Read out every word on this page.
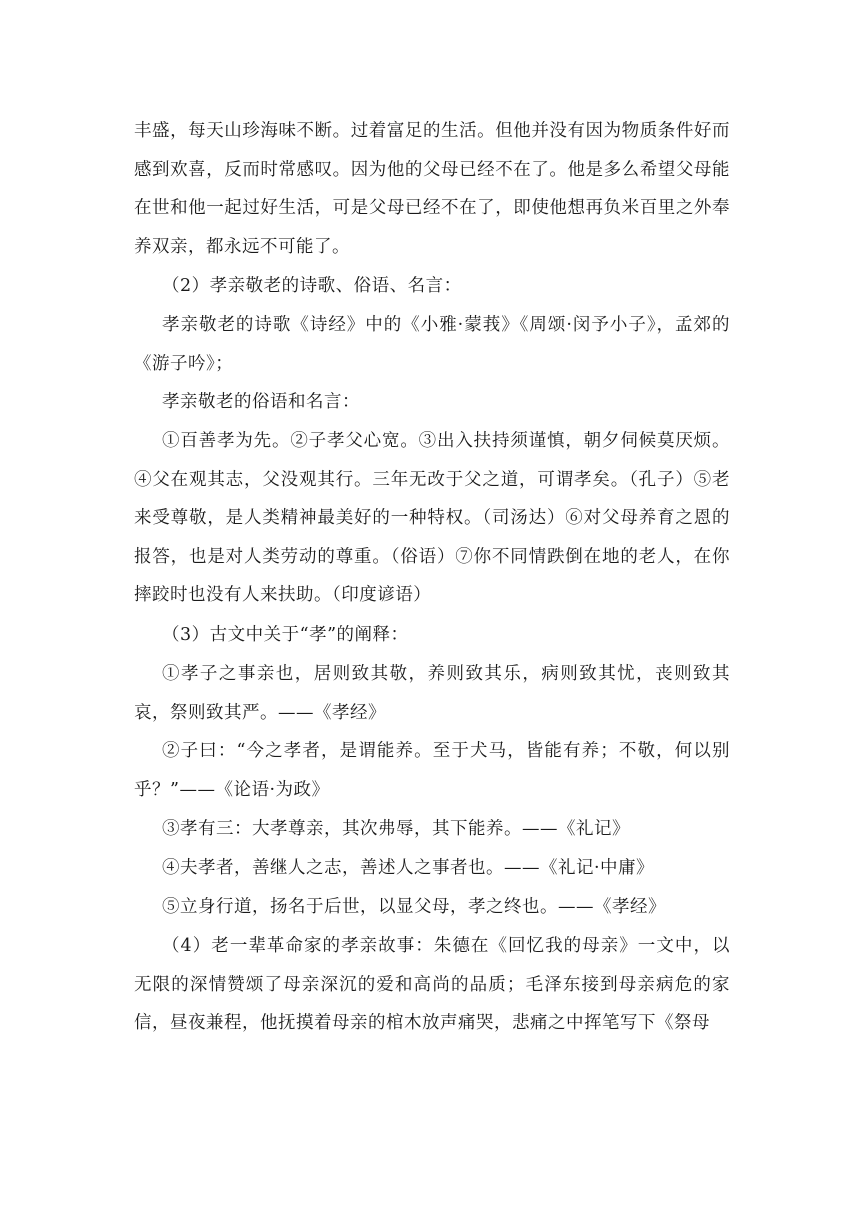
丰盛，每天山珍海味不断。过着富足的生活。但他并没有因为物质条件好而感到欢喜，反而时常感叹。因为他的父母已经不在了。他是多么希望父母能在世和他一起过好生活，可是父母已经不在了，即使他想再负米百里之外奉养双亲，都永远不可能了。

（2）孝亲敬老的诗歌、俗语、名言：

孝亲敬老的诗歌《诗经》中的《小雅·蒙莪》《周颂·闵予小子》，孟郊的《游子吟》；

孝亲敬老的俗语和名言：

①百善孝为先。②子孝父心宽。③出入扶持须谨慎，朝夕伺候莫厌烦。④父在观其志，父没观其行。三年无改于父之道，可谓孝矣。（孔子）⑤老来受尊敬，是人类精神最美好的一种特权。（司汤达）⑥对父母养育之恩的报答，也是对人类劳动的尊重。（俗语）⑦你不同情跌倒在地的老人，在你摔跤时也没有人来扶助。（印度谚语）

（3）古文中关于“孝”的阐释：

①孝子之事亲也，居则致其敬，养则致其乐，病则致其忧，丧则致其哀，祭则致其严。——《孝经》

②子曰：“今之孝者，是谓能养。至于犬马，皆能有养；不敬，何以别乎？”——《论语·为政》

③孝有三：大孝尊亲，其次弗辱，其下能养。——《礼记》

④夫孝者，善继人之志，善述人之事者也。——《礼记·中庸》

⑤立身行道，扬名于后世，以显父母，孝之终也。——《孝经》

（4）老一辈革命家的孝亲故事：朱德在《回忆我的母亲》一文中，以无限的深情赞颂了母亲深沉的爱和高尚的品质；毛泽东接到母亲病危的家信，昼夜兼程，他抚摸着母亲的棺木放声痛哭，悲痛之中挥笔写下《祭母
